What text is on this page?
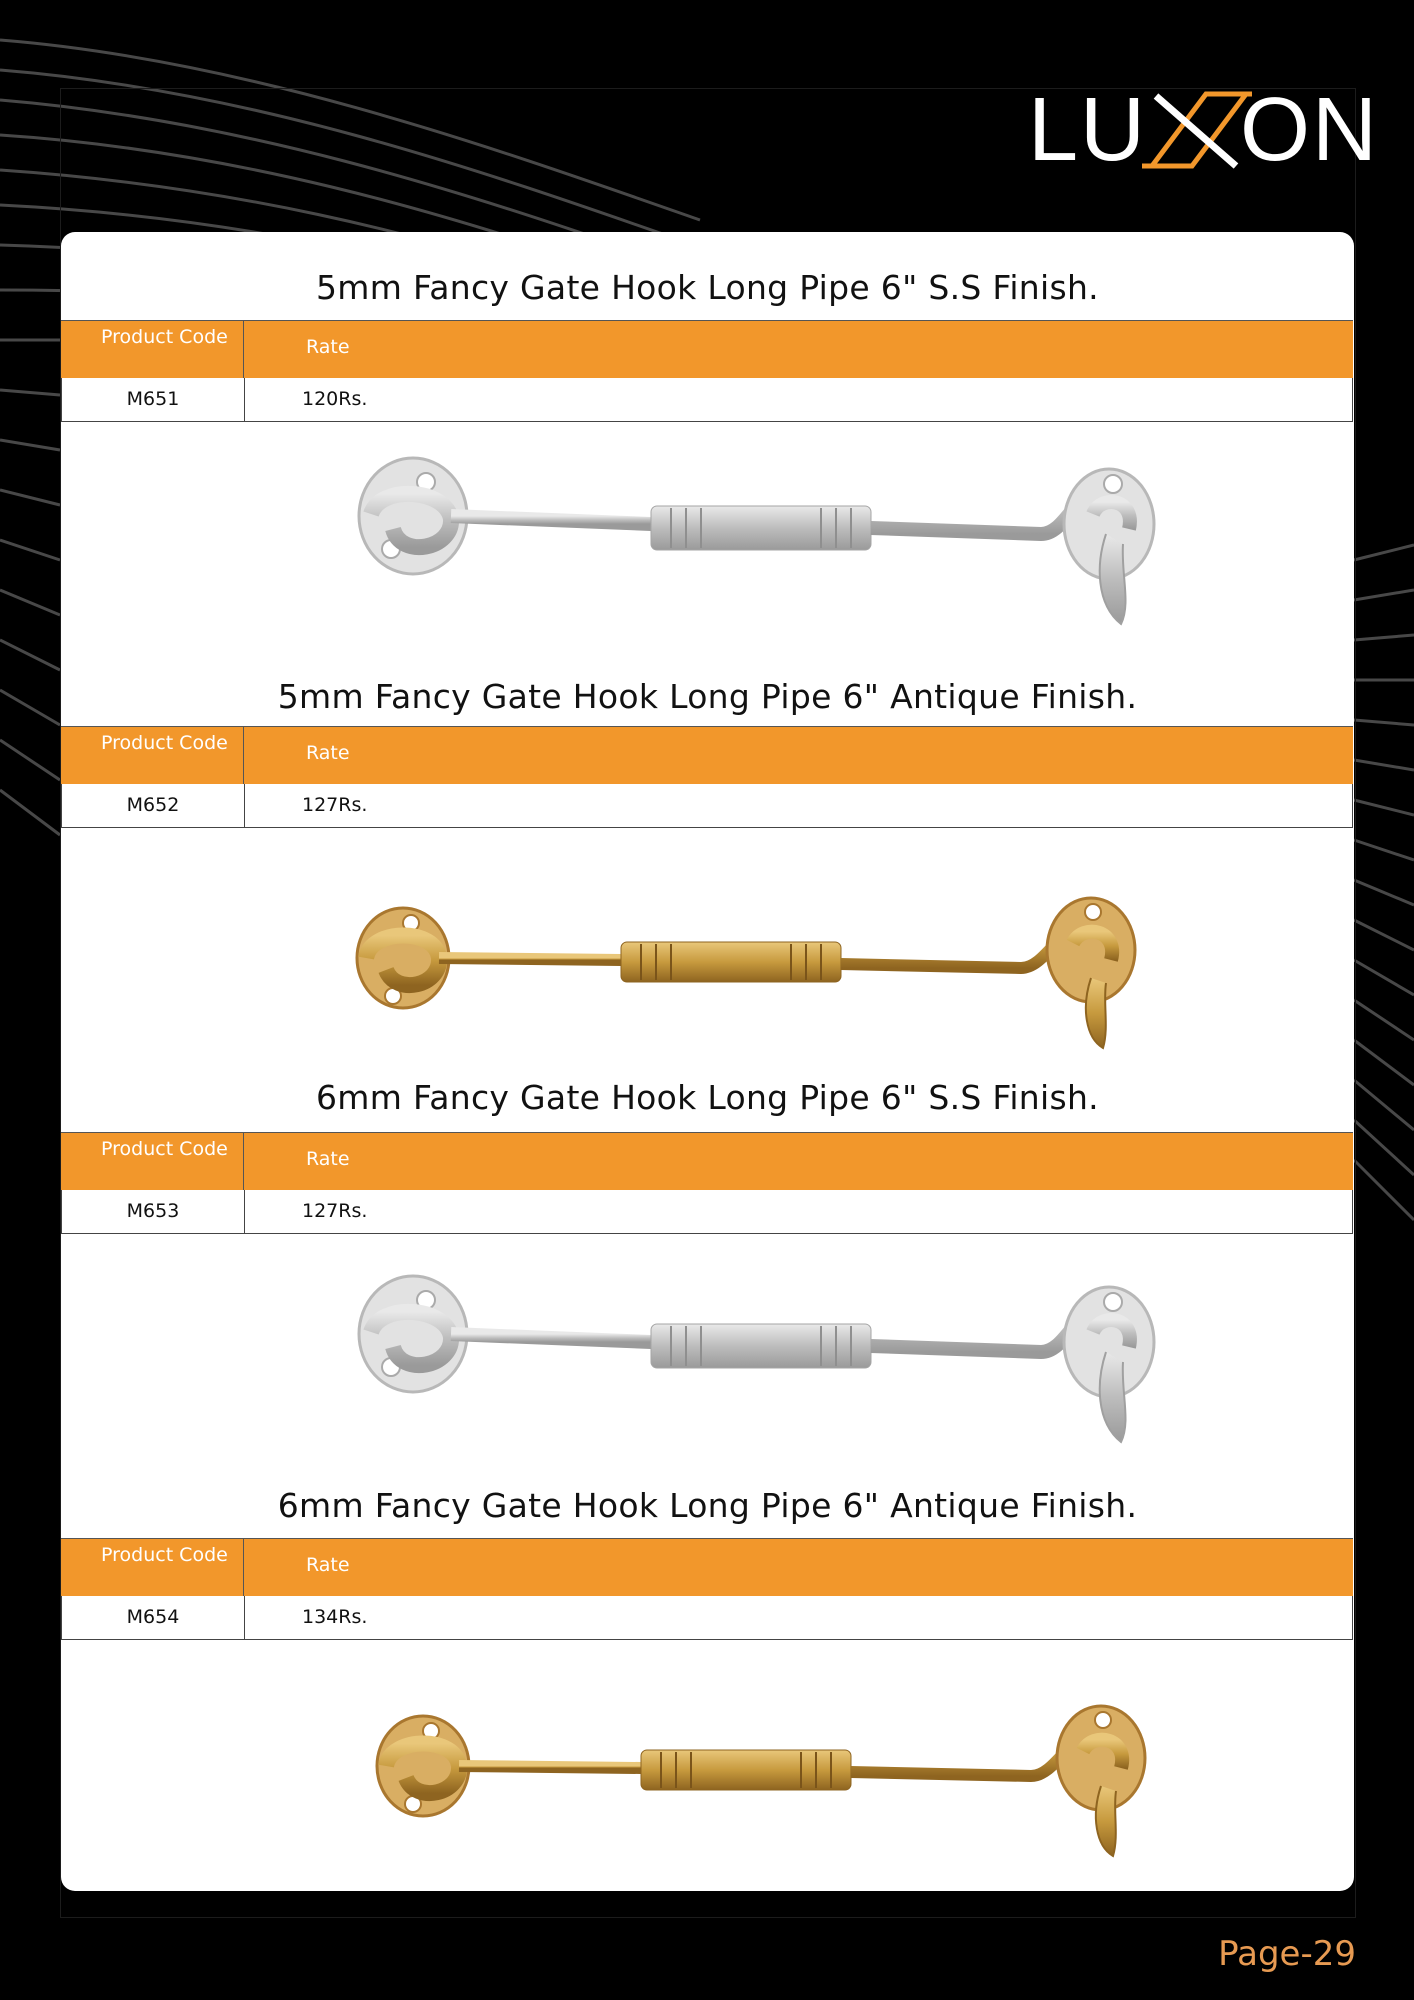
LU ON
5mm Fancy Gate Hook Long Pipe 6" S.S Finish.
Product Code	Rate
M651	120Rs.
5mm Fancy Gate Hook Long Pipe 6" Antique Finish.
Product Code	Rate
M652	127Rs.
6mm Fancy Gate Hook Long Pipe 6" S.S Finish.
Product Code	Rate
M653	127Rs.
6mm Fancy Gate Hook Long Pipe 6" Antique Finish.
Product Code	Rate
M654	134Rs.
Page-29
